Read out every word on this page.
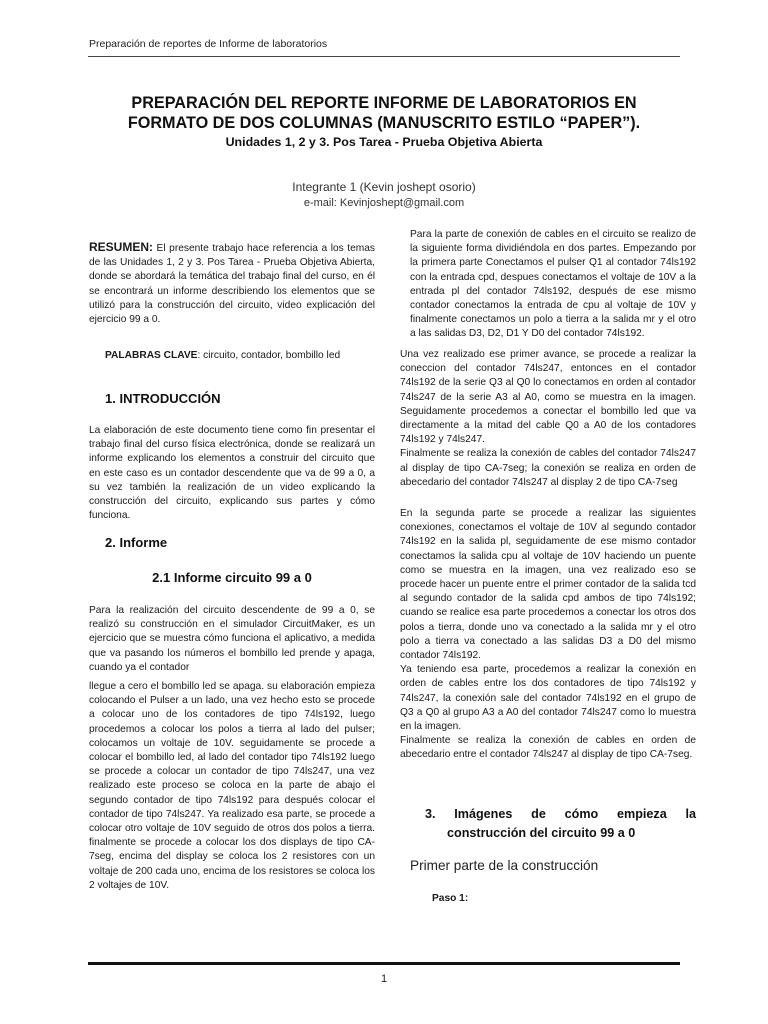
Preparación de reportes de Informe de laboratorios
PREPARACIÓN DEL REPORTE INFORME DE LABORATORIOS EN
FORMATO DE DOS COLUMNAS (MANUSCRITO ESTILO “PAPER”).
Unidades 1, 2 y 3. Pos Tarea - Prueba Objetiva Abierta
Integrante 1 (Kevin joshept osorio)
e-mail: Kevinjoshept@gmail.com

RESUMEN: El presente trabajo hace referencia a los temas de las Unidades 1, 2 y 3. Pos Tarea - Prueba Objetiva Abierta, donde se abordará la temática del trabajo final del curso, en él se encontrará un informe describiendo los elementos que se utilizó para la construcción del circuito, video explicación del ejercicio 99 a 0.

PALABRAS CLAVE: circuito, contador, bombillo led
1. INTRODUCCIÓN

La elaboración de este documento tiene como fin presentar el trabajo final del curso física electrónica, donde se realizará un informe explicando los elementos a construir del circuito que en este caso es un contador descendente que va de 99 a 0, a su vez también la realización de un video explicando la construcción del circuito, explicando sus partes y cómo funciona.

2. Informe
2.1 Informe circuito 99 a 0

Para la realización del circuito descendente de 99 a 0, se realizó su construcción en el simulador CircuitMaker, es un ejercicio que se muestra cómo funciona el aplicativo, a medida que va pasando los números el bombillo led prende y apaga, cuando ya el contador

llegue a cero el bombillo led se apaga. su elaboración empieza colocando el Pulser a un lado, una vez hecho esto se procede a colocar uno de los contadores de tipo 74ls192, luego procedemos a colocar los polos a tierra al lado del pulser; colocamos un voltaje de 10V. seguidamente se procede a colocar el bombillo led, al lado del contador tipo 74ls192 luego se procede a colocar un contador de tipo 74ls247, una vez realizado este proceso se coloca en la parte de abajo el segundo contador de tipo 74ls192 para después colocar el contador de tipo 74ls247. Ya realizado esa parte, se procede a colocar otro voltaje de 10V seguido de otros dos polos a tierra. finalmente se procede a colocar los dos displays de tipo CA-7seg, encima del display se coloca los 2 resistores con un voltaje de 200 cada uno, encima de los resistores se coloca los 2 voltajes de 10V.

Para la parte de conexión de cables en el circuito se realizo de la siguiente forma dividiéndola en dos partes. Empezando por la primera parte Conectamos el pulser Q1 al contador 74ls192 con la entrada cpd, despues conectamos el voltaje de 10V a la entrada pl del contador 74ls192, después de ese mismo contador conectamos la entrada de cpu al voltaje de 10V y finalmente conectamos un polo a tierra a la salida mr y el otro a las salidas D3, D2, D1 Y D0 del contador 74ls192.

Una vez realizado ese primer avance, se procede a realizar la coneccion del contador 74ls247, entonces en el contador 74ls192 de la serie Q3 al Q0 lo conectamos en orden al contador 74ls247 de la serie A3 al A0, como se muestra en la imagen. Seguidamente procedemos a conectar el bombillo led que va directamente a la mitad del cable Q0 a A0 de los contadores 74ls192 y 74ls247.

Finalmente se realiza la conexión de cables del contador 74ls247 al display de tipo CA-7seg; la conexión se realiza en orden de abecedario del contador 74ls247 al display 2 de tipo CA-7seg

En la segunda parte se procede a realizar las siguientes conexiones, conectamos el voltaje de 10V al segundo contador 74ls192 en la salida pl, seguidamente de ese mismo contador conectamos la salida cpu al voltaje de 10V haciendo un puente como se muestra en la imagen, una vez realizado eso se procede hacer un puente entre el primer contador de la salida tcd al segundo contador de la salida cpd ambos de tipo 74ls192; cuando se realice esa parte procedemos a conectar los otros dos polos a tierra, donde uno va conectado a la salida mr y el otro polo a tierra va conectado a las salidas D3 a D0 del mismo contador 74ls192.

Ya teniendo esa parte, procedemos a realizar la conexión en orden de cables entre los dos contadores de tipo 74ls192 y 74ls247, la conexión sale del contador 74ls192 en el grupo de Q3 a Q0 al grupo A3 a A0 del contador 74ls247 como lo muestra en la imagen.

Finalmente se realiza la conexión de cables en orden de abecedario entre el contador 74ls247 al display de tipo CA-7seg.

3. Imágenes de cómo empieza la
construcción del circuito 99 a 0
Primer parte de la construcción
Paso 1:
1
